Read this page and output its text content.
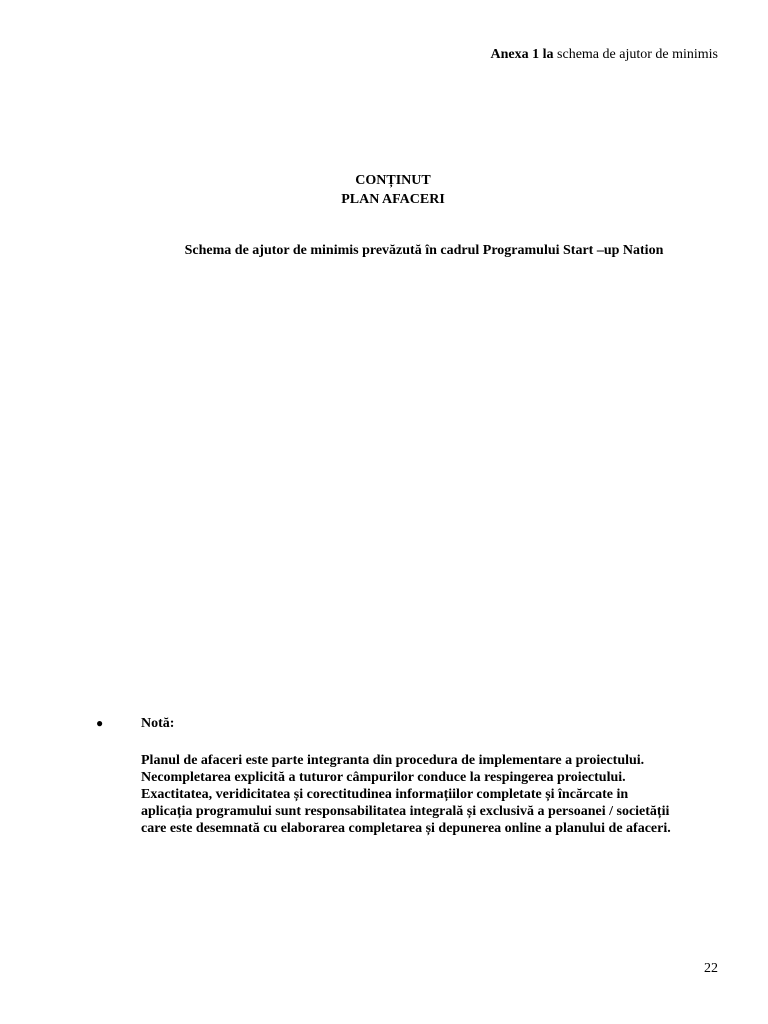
Anexa 1 la schema de ajutor de minimis
CONȚINUT
PLAN AFACERI
Schema de ajutor de minimis prevăzută în cadrul Programului Start –up Nation
●	Notă:
Planul de afaceri este parte integranta din procedura de implementare a proiectului.
Necompletarea explicită a tuturor câmpurilor conduce la respingerea proiectului.
Exactitatea, veridicitatea și corectitudinea informațiilor completate și încărcate in
aplicația programului sunt responsabilitatea integrală și exclusivă a persoanei / societății
care este desemnată cu elaborarea completarea și depunerea online a planului de afaceri.
22
